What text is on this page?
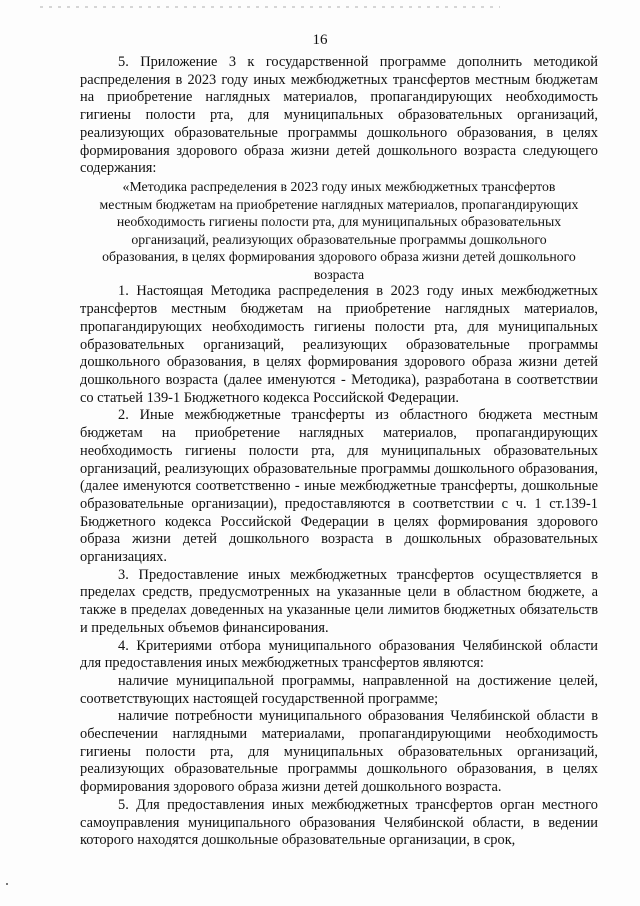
16

5. Приложение 3 к государственной программе дополнить методикой распределения в 2023 году иных межбюджетных трансфертов местным бюджетам на приобретение наглядных материалов, пропагандирующих необходимость гигиены полости рта, для муниципальных образовательных организаций, реализующих образовательные программы дошкольного образования, в целях формирования здорового образа жизни детей дошкольного возраста следующего содержания:

«Методика распределения в 2023 году иных межбюджетных трансфертов местным бюджетам на приобретение наглядных материалов, пропагандирующих необходимость гигиены полости рта, для муниципальных образовательных организаций, реализующих образовательные программы дошкольного образования, в целях формирования здорового образа жизни детей дошкольного возраста

1. Настоящая Методика распределения в 2023 году иных межбюджетных трансфертов местным бюджетам на приобретение наглядных материалов, пропагандирующих необходимость гигиены полости рта, для муниципальных образовательных организаций, реализующих образовательные программы дошкольного образования, в целях формирования здорового образа жизни детей дошкольного возраста (далее именуются - Методика), разработана в соответствии со статьей 139-1 Бюджетного кодекса Российской Федерации.

2. Иные межбюджетные трансферты из областного бюджета местным бюджетам на приобретение наглядных материалов, пропагандирующих необходимость гигиены полости рта, для муниципальных образовательных организаций, реализующих образовательные программы дошкольного образования, (далее именуются соответственно - иные межбюджетные трансферты, дошкольные образовательные организации), предоставляются в соответствии с ч. 1 ст.139-1 Бюджетного кодекса Российской Федерации в целях формирования здорового образа жизни детей дошкольного возраста в дошкольных образовательных организациях.

3. Предоставление иных межбюджетных трансфертов осуществляется в пределах средств, предусмотренных на указанные цели в областном бюджете, а также в пределах доведенных на указанные цели лимитов бюджетных обязательств и предельных объемов финансирования.

4. Критериями отбора муниципального образования Челябинской области для предоставления иных межбюджетных трансфертов являются:

наличие муниципальной программы, направленной на достижение целей, соответствующих настоящей государственной программе;

наличие потребности муниципального образования Челябинской области в обеспечении наглядными материалами, пропагандирующими необходимость гигиены полости рта, для муниципальных образовательных организаций, реализующих образовательные программы дошкольного образования, в целях формирования здорового образа жизни детей дошкольного возраста.

5. Для предоставления иных межбюджетных трансфертов орган местного самоуправления муниципального образования Челябинской области, в ведении которого находятся дошкольные образовательные организации, в срок,
